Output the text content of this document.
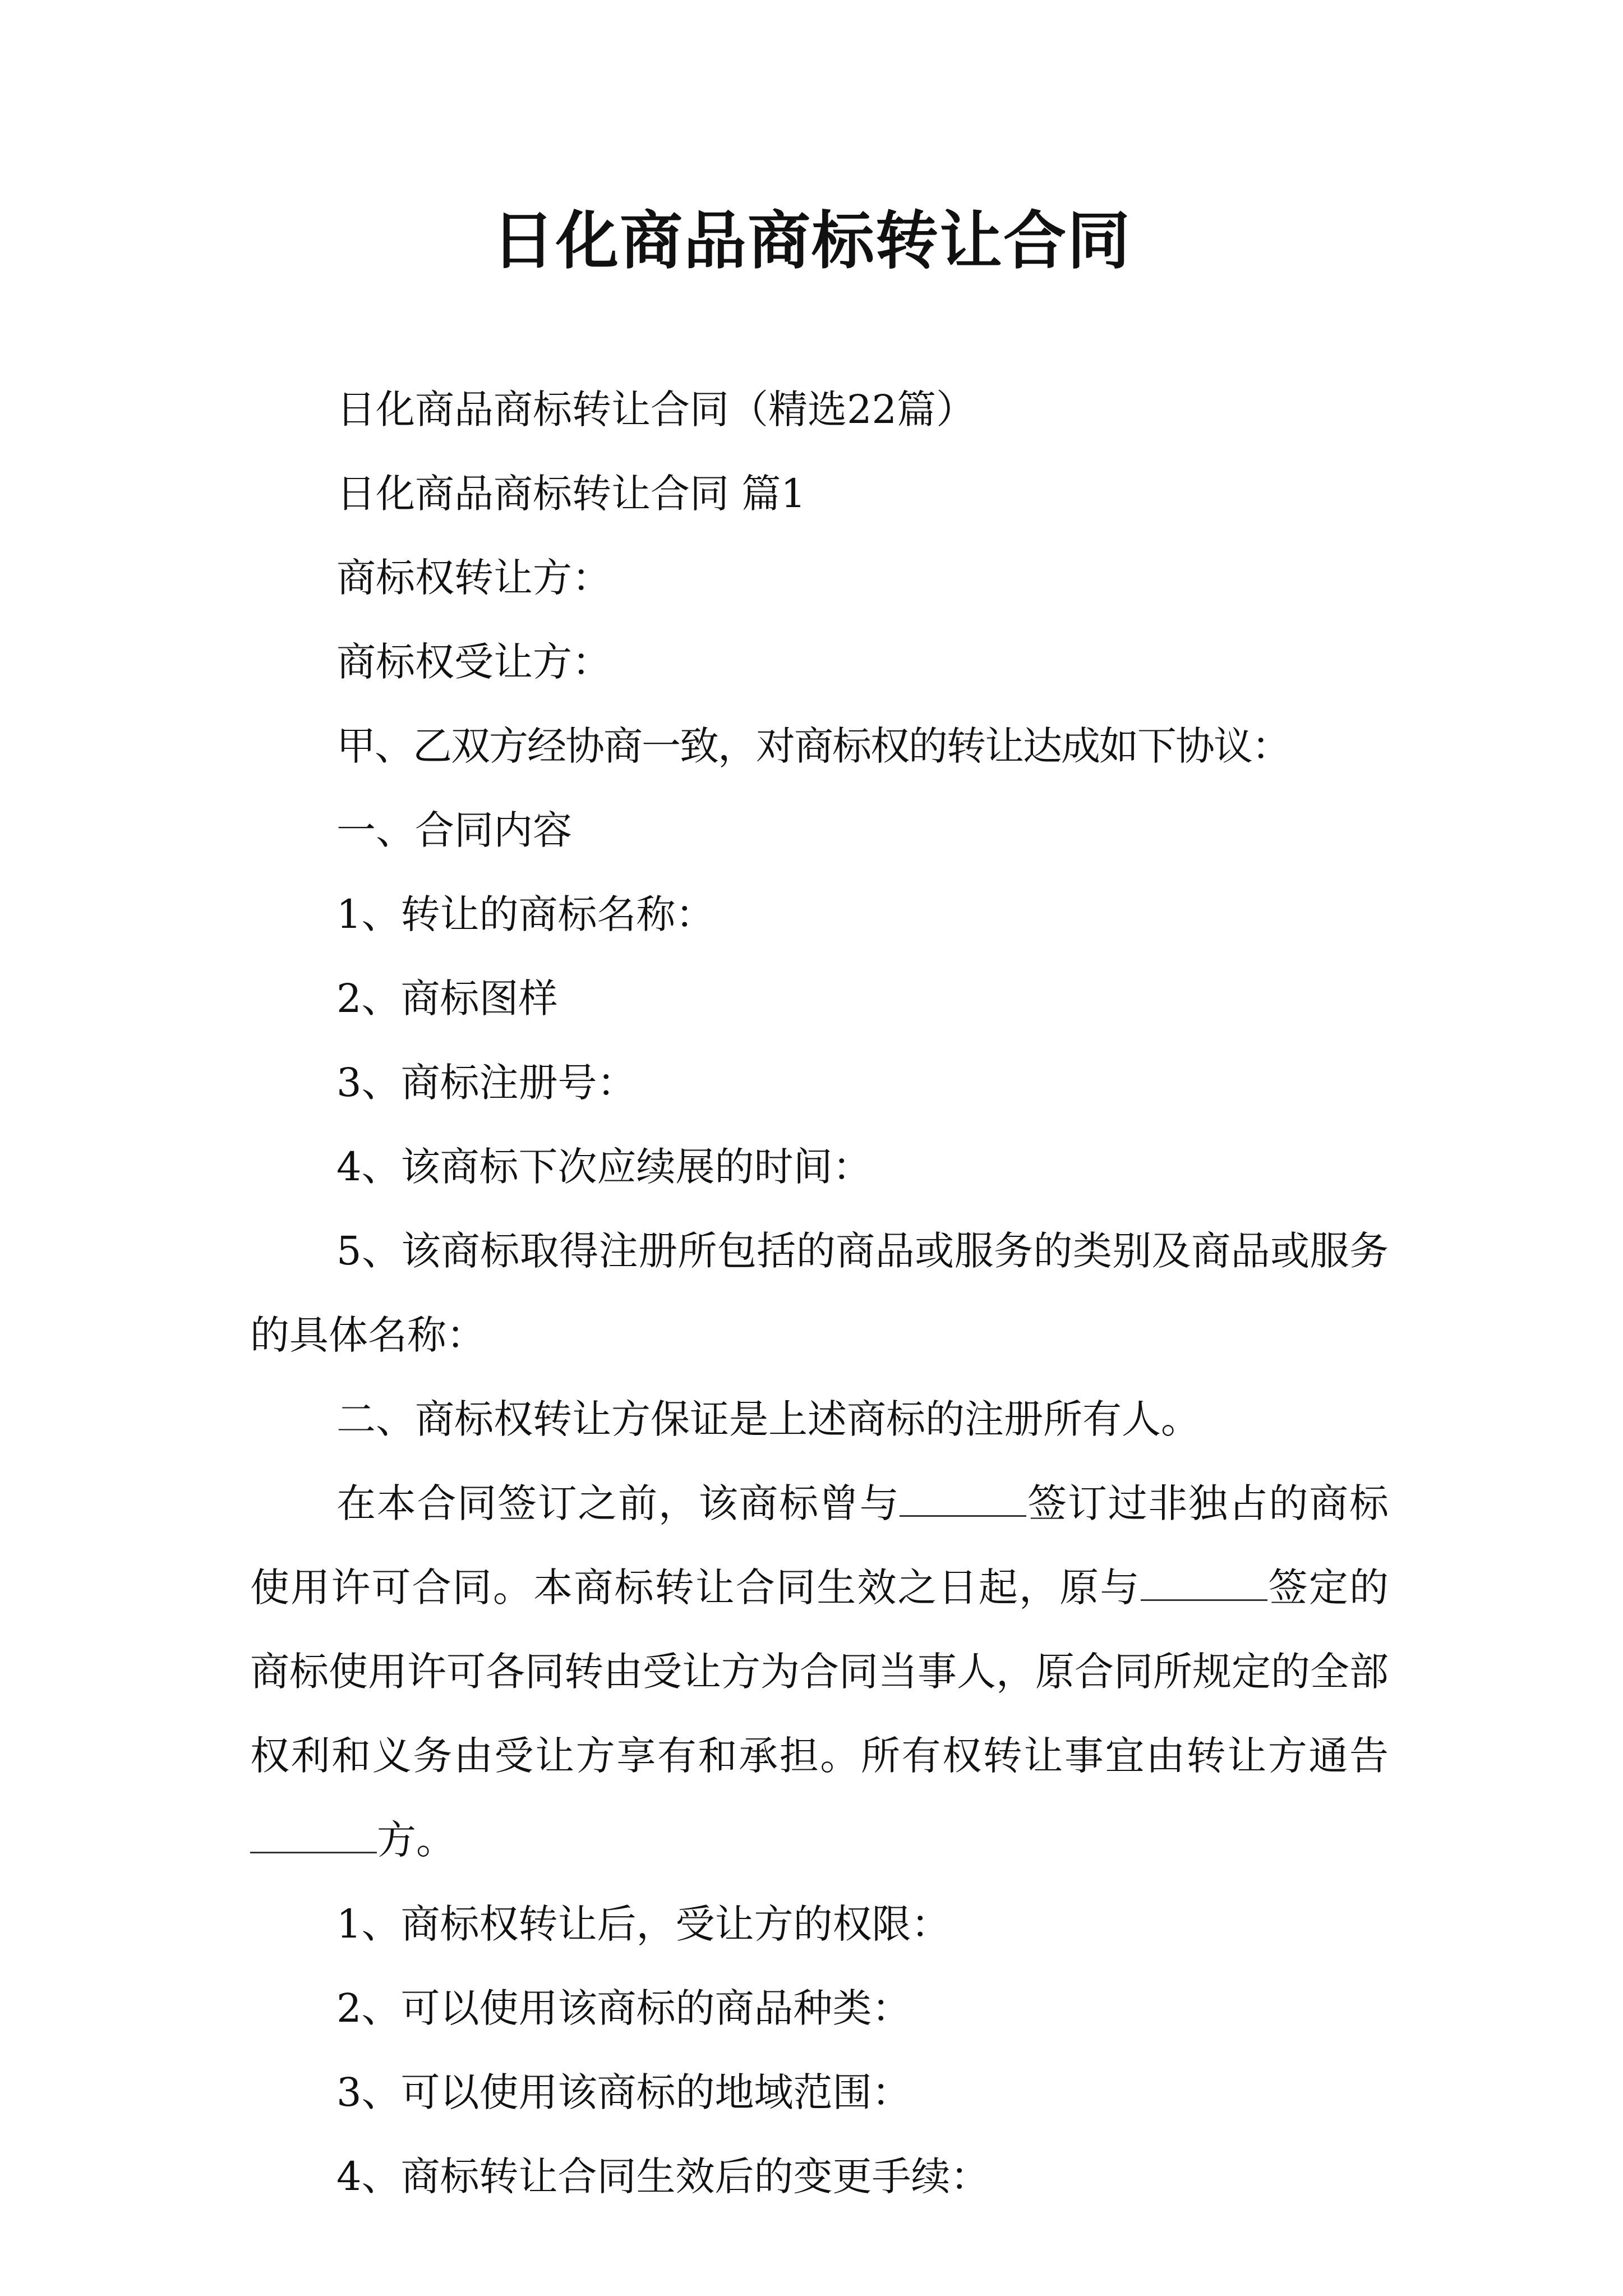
日化商品商标转让合同

日化商品商标转让合同（精选22篇）

日化商品商标转让合同 篇1

商标权转让方：

商标权受让方：

甲、乙双方经协商一致，对商标权的转让达成如下协议：

一、合同内容

1、转让的商标名称：

2、商标图样

3、商标注册号：

4、该商标下次应续展的时间：

5、该商标取得注册所包括的商品或服务的类别及商品或服务的具体名称：

二、商标权转让方保证是上述商标的注册所有人。

在本合同签订之前，该商标曾与	签订过非独占的商标使用许可合同。本商标转让合同生效之日起，原与	签定的商标使用许可各同转由受让方为合同当事人，原合同所规定的全部权利和义务由受让方享有和承担。所有权转让事宜由转让方通告方。

1、商标权转让后，受让方的权限：

2、可以使用该商标的商品种类：

3、可以使用该商标的地域范围：

4、商标转让合同生效后的变更手续：
